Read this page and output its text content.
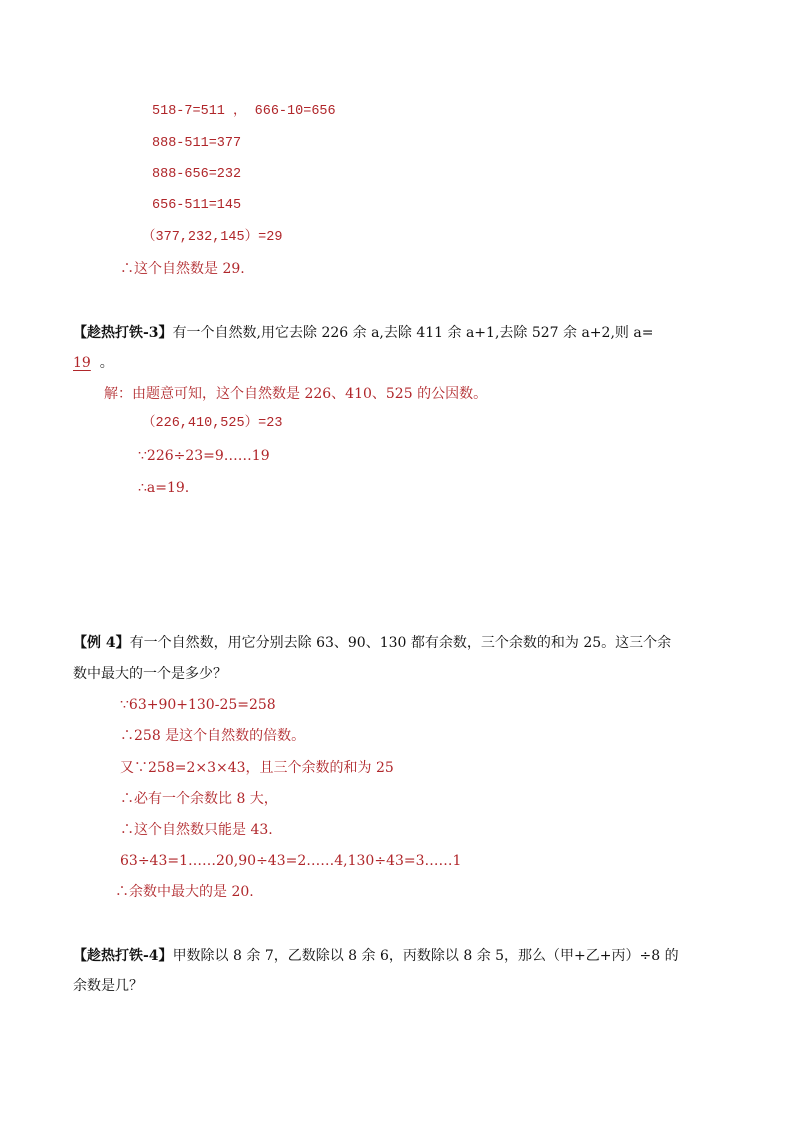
518-7=511 ， 666-10=656
888-511=377
888-656=232
656-511=145
（377,232,145）=29
∴这个自然数是 29.
【趁热打铁-3】有一个自然数,用它去除 226 余 a,去除 411 余 a+1,去除 527 余 a+2,则 a=
19 。
解：由题意可知，这个自然数是 226、410、525 的公因数。
（226,410,525）=23
∵226÷23=9……19
∴a=19.
【例 4】有一个自然数，用它分别去除 63、90、130 都有余数，三个余数的和为 25。这三个余
数中最大的一个是多少？
∵63+90+130-25=258
∴258 是这个自然数的倍数。
又∵258=2×3×43，且三个余数的和为 25
∴必有一个余数比 8 大，
∴这个自然数只能是 43.
63÷43=1……20,90÷43=2……4,130÷43=3……1
∴余数中最大的是 20.
【趁热打铁-4】甲数除以 8 余 7，乙数除以 8 余 6，丙数除以 8 余 5，那么（甲+乙+丙）÷8 的
余数是几？
